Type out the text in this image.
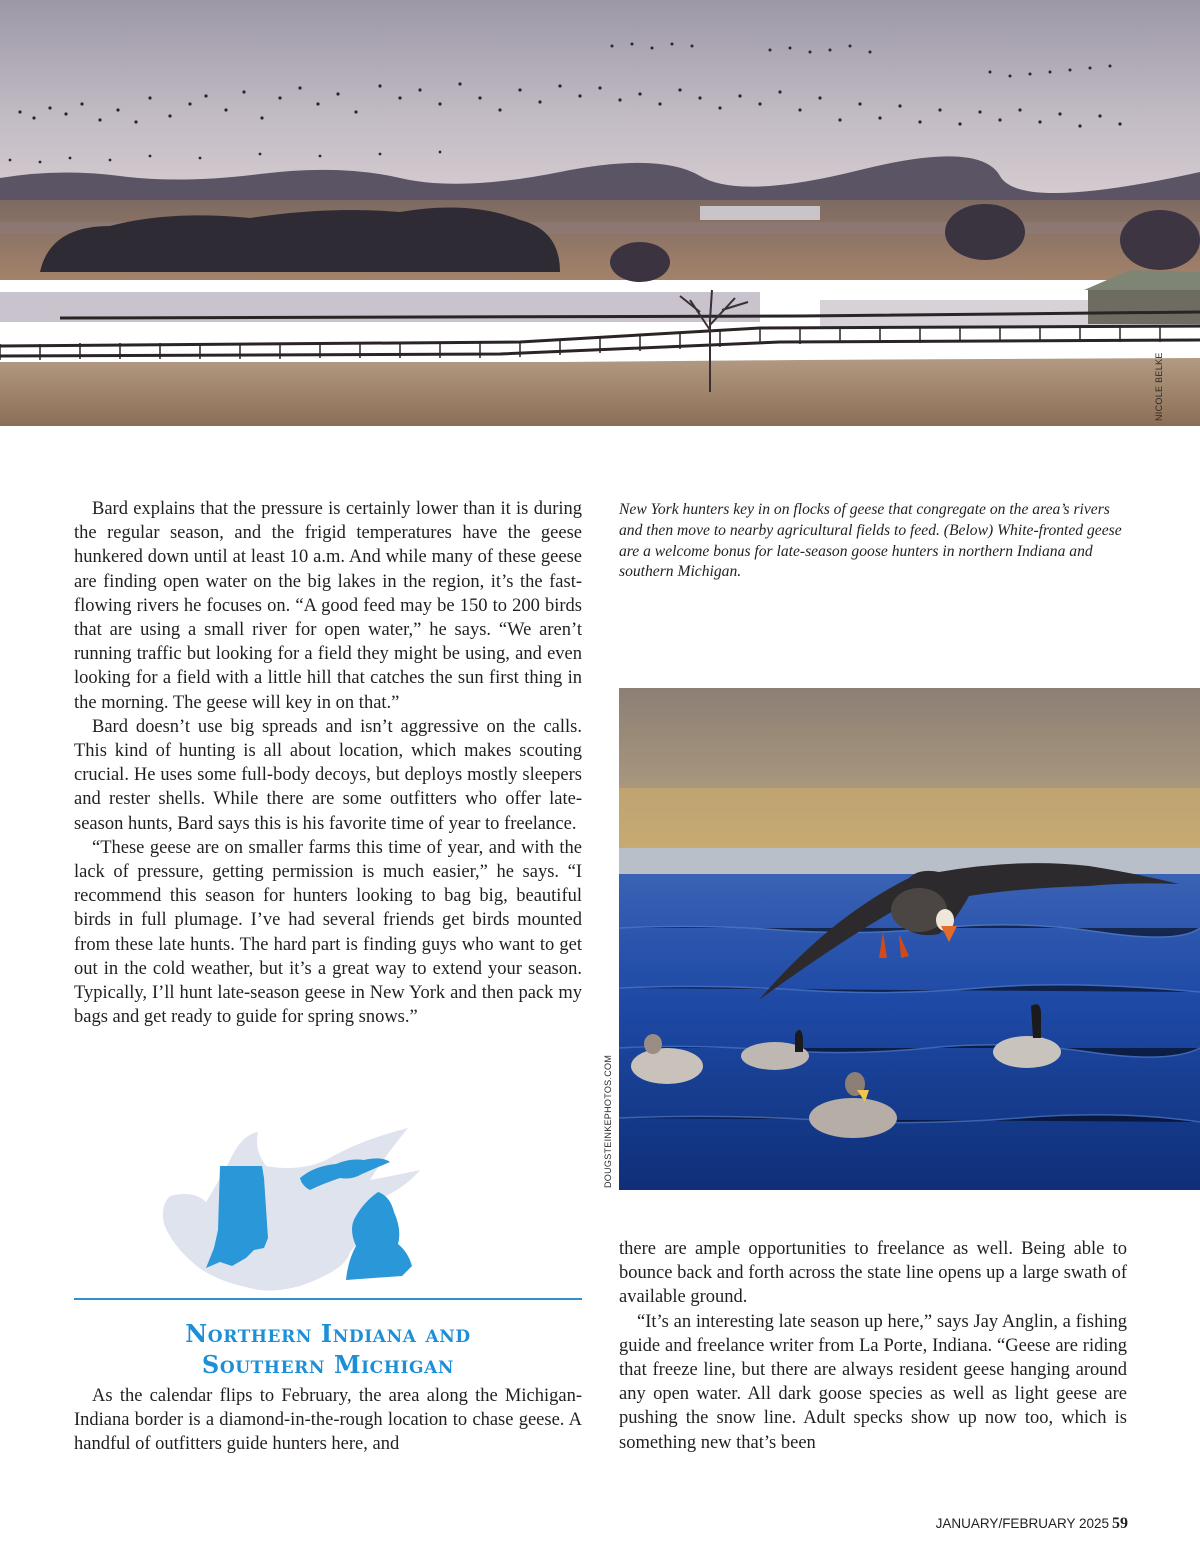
NICOLE BELKE
New York hunters key in on flocks of geese that congregate on the area’s rivers and then move to nearby agricultural fields to feed. (Below) White-fronted geese are a welcome bonus for late-season goose hunters in northern Indiana and southern Michigan.

Bard explains that the pressure is certainly lower than it is during the regular season, and the frigid temperatures have the geese hunkered down until at least 10 a.m. And while many of these geese are finding open water on the big lakes in the region, it’s the fast-flowing rivers he focuses on. “A good feed may be 150 to 200 birds that are using a small river for open water,” he says. “We aren’t running traffic but looking for a field they might be using, and even looking for a field with a little hill that catches the sun first thing in the morning. The geese will key in on that.”

Bard doesn’t use big spreads and isn’t aggressive on the calls. This kind of hunting is all about location, which makes scouting crucial. He uses some full-body decoys, but deploys mostly sleepers and rester shells. While there are some outfitters who offer late-season hunts, Bard says this is his favorite time of year to freelance.

“These geese are on smaller farms this time of year, and with the lack of pressure, getting permission is much easier,” he says. “I recommend this season for hunters looking to bag big, beautiful birds in full plumage. I’ve had several friends get birds mounted from these late hunts. The hard part is finding guys who want to get out in the cold weather, but it’s a great way to extend your season. Typically, I’ll hunt late-season geese in New York and then pack my bags and get ready to guide for spring snows.”

DOUGSTEINKEPHOTOS.COM
Northern Indiana and
Southern Michigan

As the calendar flips to February, the area along the Michigan-Indiana border is a diamond-in-the-rough location to chase geese. A handful of outfitters guide hunters here, and

there are ample opportunities to freelance as well. Being able to bounce back and forth across the state line opens up a large swath of available ground.

“It’s an interesting late season up here,” says Jay Anglin, a fishing guide and freelance writer from La Porte, Indiana. “Geese are riding that freeze line, but there are always resident geese hanging around any open water. All dark goose species as well as light geese are pushing the snow line. Adult specks show up now too, which is something new that’s been

JANUARY/FEBRUARY 2025 59
